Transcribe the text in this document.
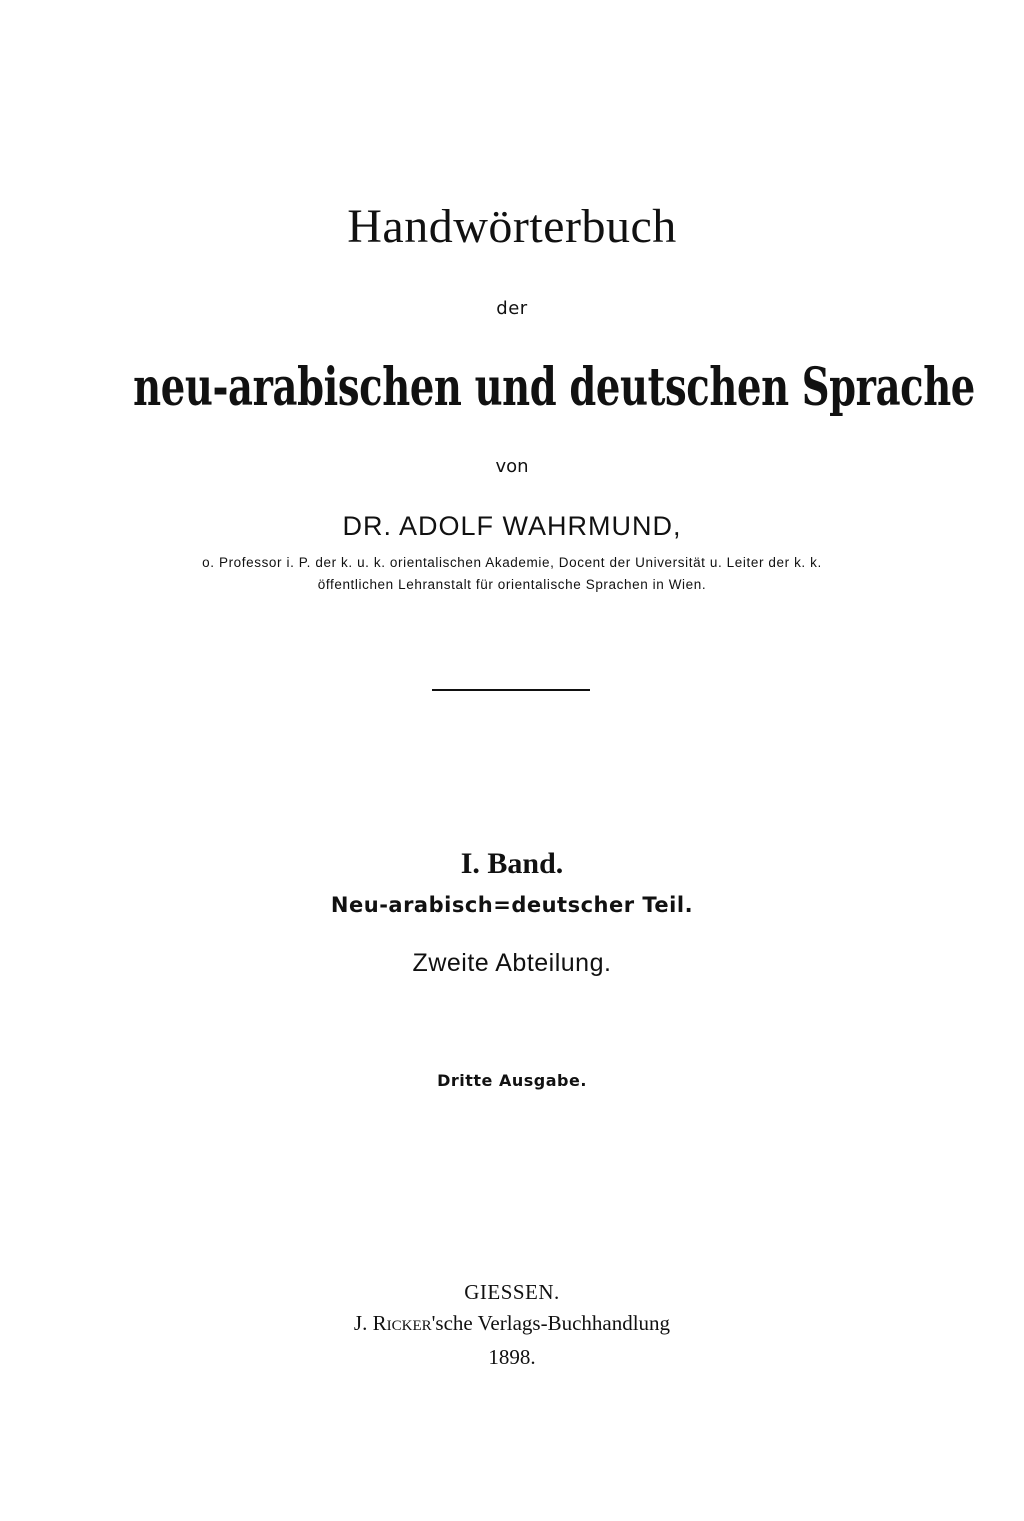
Handwörterbuch
der
neu-arabischen und deutschen Sprache
von
DR. ADOLF WAHRMUND,
o. Professor i. P. der k. u. k. orientalischen Akademie, Docent der Universität u. Leiter der k. k.
öffentlichen Lehranstalt für orientalische Sprachen in Wien.
I. Band.
Neu-arabisch=deutscher Teil.
Zweite Abteilung.
Dritte Ausgabe.
GIESSEN.
J. Ricker'sche Verlags-Buchhandlung
1898.
